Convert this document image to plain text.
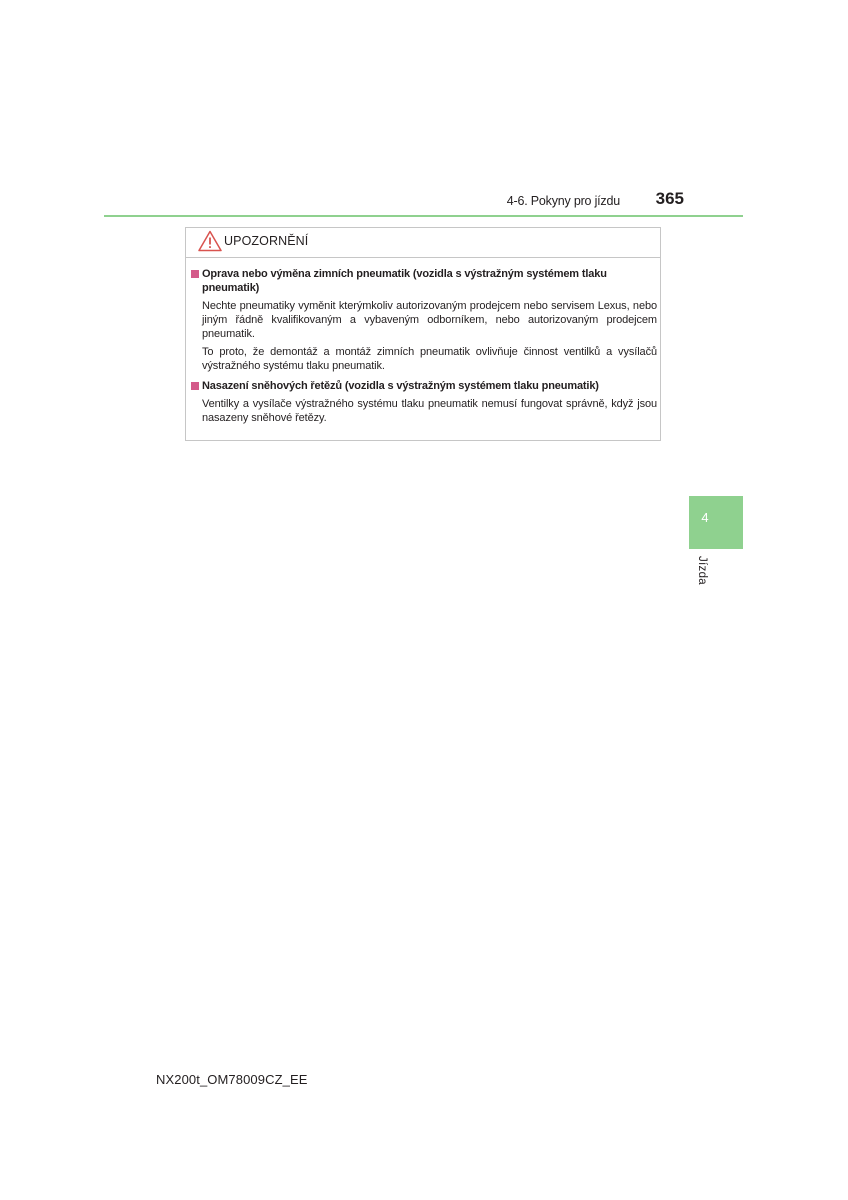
4-6. Pokyny pro jízdu	365
UPOZORNĚNÍ
Oprava nebo výměna zimních pneumatik (vozidla s výstražným systémem tlaku pneumatik)
Nechte pneumatiky vyměnit kterýmkoliv autorizovaným prodejcem nebo servisem Lexus, nebo jiným řádně kvalifikovaným a vybaveným odborníkem, nebo autorizovaným prodejcem pneumatik.
To proto, že demontáž a montáž zimních pneumatik ovlivňuje činnost ventilků a vysílačů výstražného systému tlaku pneumatik.
Nasazení sněhových řetězů (vozidla s výstražným systémem tlaku pneumatik)
Ventilky a vysílače výstražného systému tlaku pneumatik nemusí fungovat správně, když jsou nasazeny sněhové řetězy.
4
Jízda
NX200t_OM78009CZ_EE
